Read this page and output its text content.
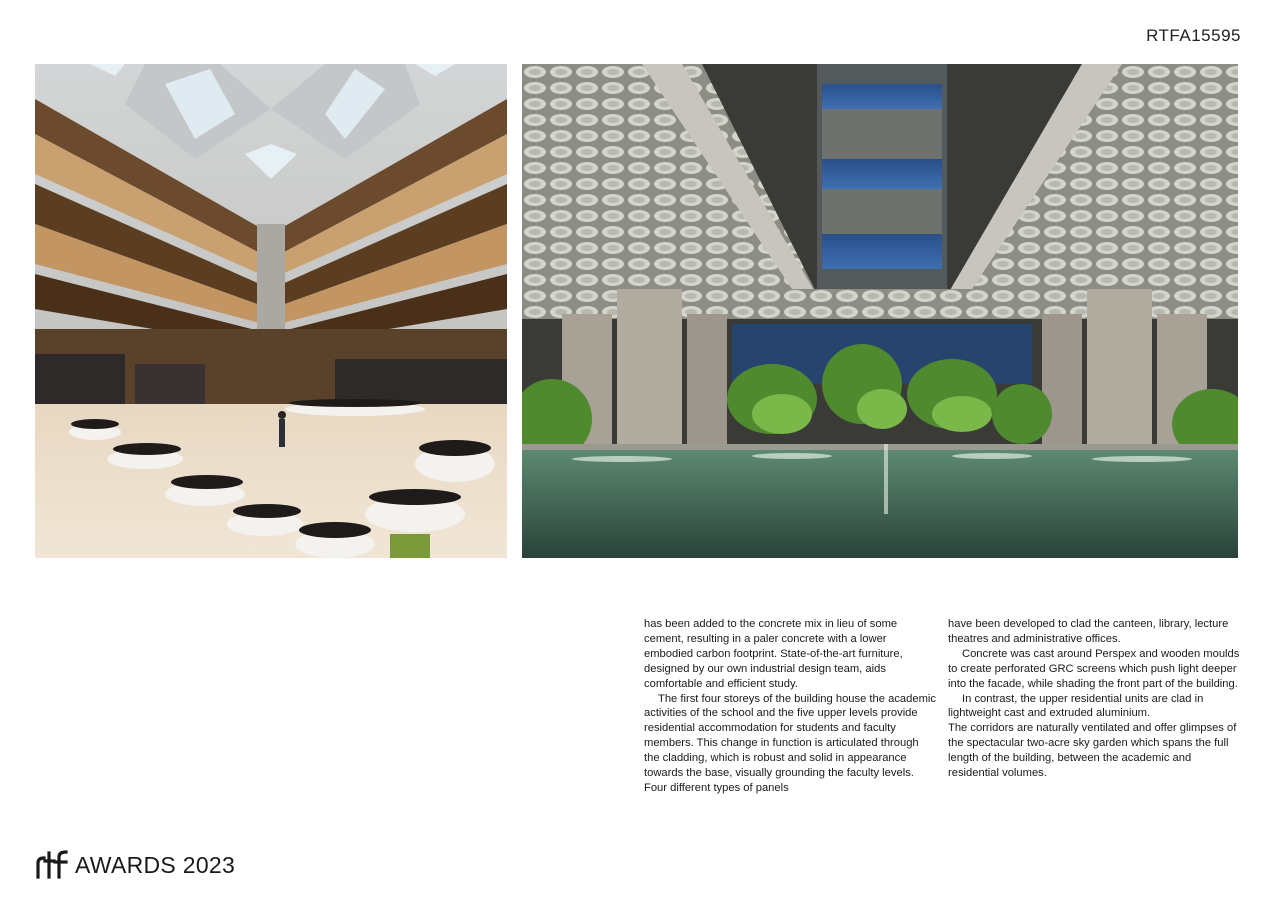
RTFA15595

has been added to the concrete mix in lieu of some cement, resulting in a paler concrete with a lower embodied carbon footprint. State-of-the-art furniture, designed by our own industrial design team, aids comfortable and efficient study.

The first four storeys of the building house the academic activities of the school and the five upper levels provide residential accommodation for students and faculty members. This change in function is articulated through the cladding, which is robust and solid in appearance towards the base, visually grounding the faculty levels. Four different types of panels

have been developed to clad the canteen, library, lecture theatres and administrative offices.

Concrete was cast around Perspex and wooden moulds to create perforated GRC screens which push light deeper into the facade, while shading the front part of the building.

In contrast, the upper residential units are clad in lightweight cast and extruded aluminium.

The corridors are naturally ventilated and offer glimpses of the spectacular two-acre sky garden which spans the full length of the building, between the academic and residential volumes.

AWARDS 2023
